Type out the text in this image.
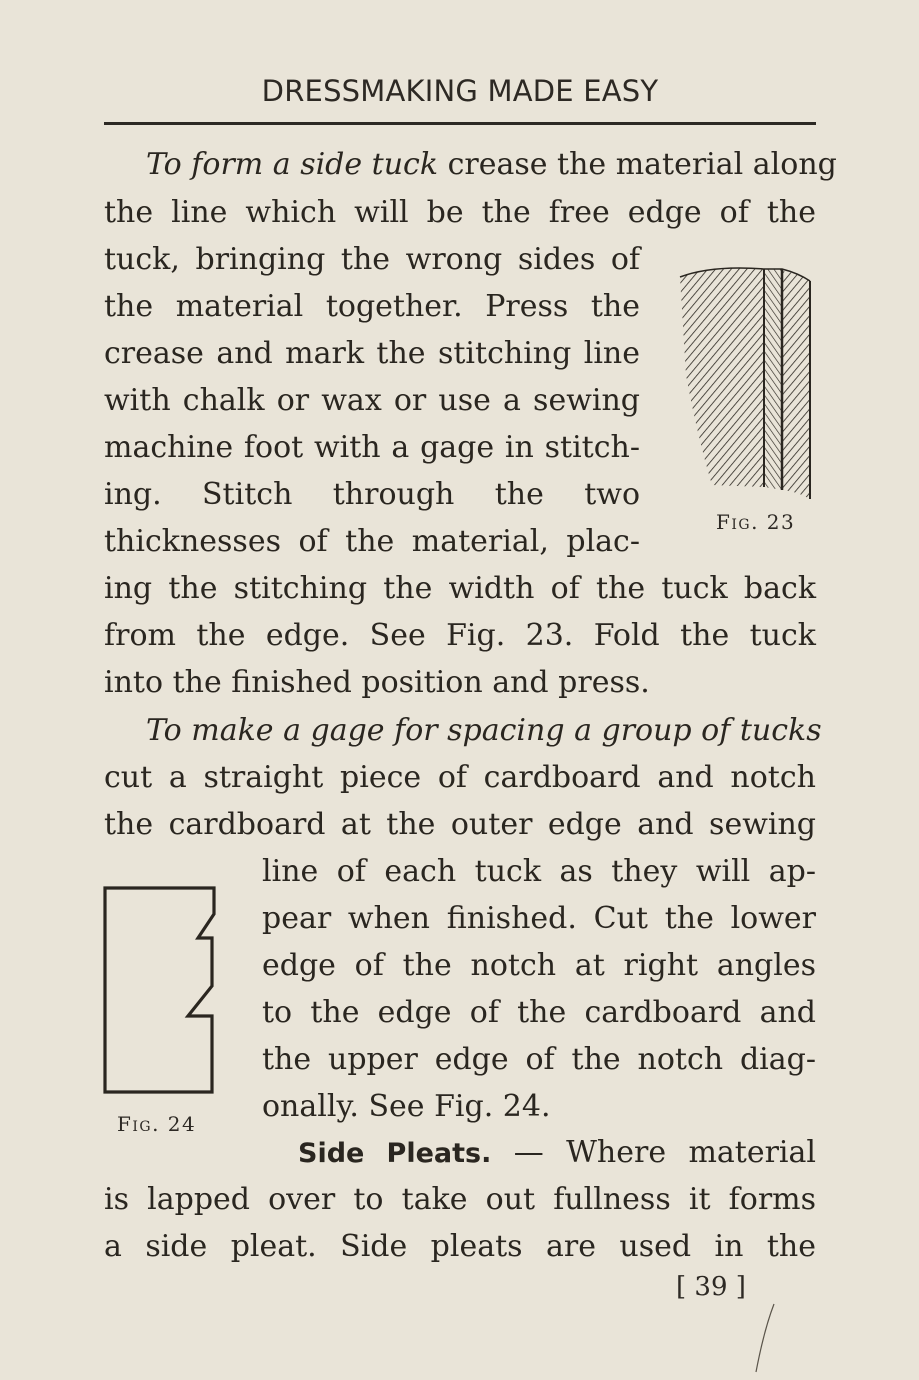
DRESSMAKING MADE EASY
To form a side tuck crease the material along
the line which will be the free edge of the
tuck, bringing the wrong sides of
the material together. Press the
crease and mark the stitching line
with chalk or wax or use a sewing
machine foot with a gage in stitch-
ing. Stitch through the two
thicknesses of the material, plac-
ing the stitching the width of the tuck back
from the edge. See Fig. 23. Fold the tuck
into the finished position and press.
To make a gage for spacing a group of tucks
cut a straight piece of cardboard and notch
the cardboard at the outer edge and sewing
line of each tuck as they will ap-
pear when finished. Cut the lower
edge of the notch at right angles
to the edge of the cardboard and
the upper edge of the notch diag-
onally. See Fig. 24.
Side Pleats. — Where material
is lapped over to take out fullness it forms
a side pleat. Side pleats are used in the
Fig. 23
Fig. 24
[ 39 ]
